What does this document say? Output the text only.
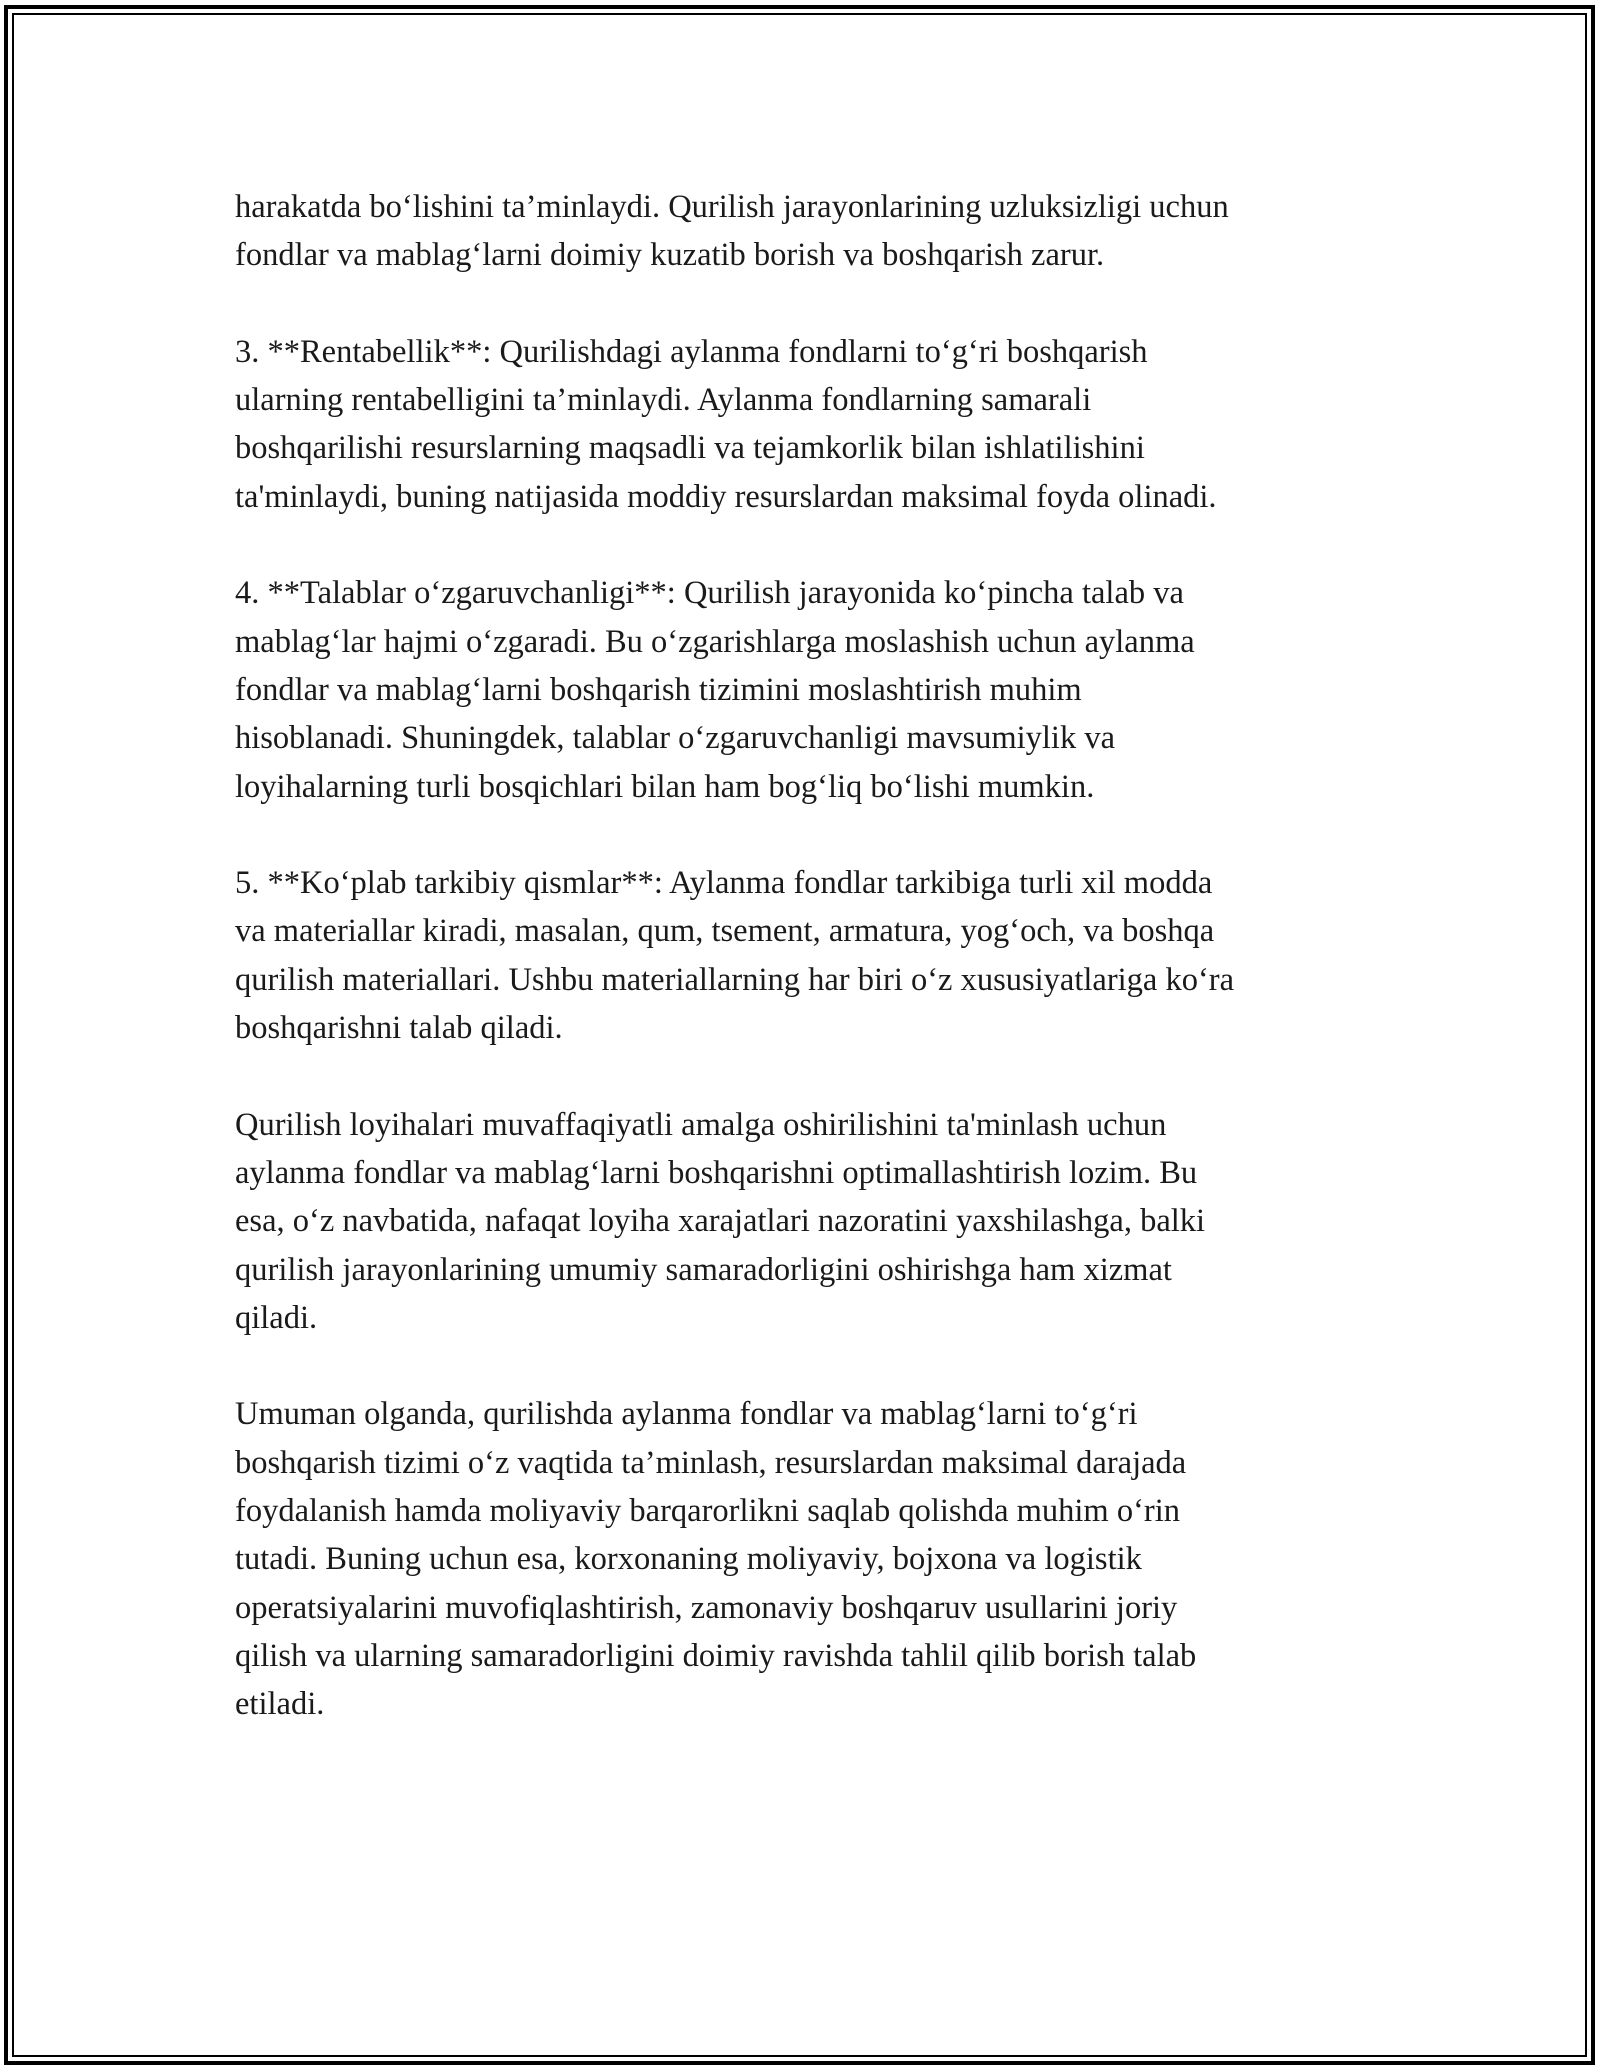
harakatda bo‘lishini ta’minlaydi. Qurilish jarayonlarining uzluksizligi uchun
fondlar va mablag‘larni doimiy kuzatib borish va boshqarish zarur.

3. **Rentabellik**: Qurilishdagi aylanma fondlarni to‘g‘ri boshqarish
ularning rentabelligini ta’minlaydi. Aylanma fondlarning samarali
boshqarilishi resurslarning maqsadli va tejamkorlik bilan ishlatilishini
ta'minlaydi, buning natijasida moddiy resurslardan maksimal foyda olinadi.

4. **Talablar o‘zgaruvchanligi**: Qurilish jarayonida ko‘pincha talab va
mablag‘lar hajmi o‘zgaradi. Bu o‘zgarishlarga moslashish uchun aylanma
fondlar va mablag‘larni boshqarish tizimini moslashtirish muhim
hisoblanadi. Shuningdek, talablar o‘zgaruvchanligi mavsumiylik va
loyihalarning turli bosqichlari bilan ham bog‘liq bo‘lishi mumkin.

5. **Ko‘plab tarkibiy qismlar**: Aylanma fondlar tarkibiga turli xil modda
va materiallar kiradi, masalan, qum, tsement, armatura, yog‘och, va boshqa
qurilish materiallari. Ushbu materiallarning har biri o‘z xususiyatlariga ko‘ra
boshqarishni talab qiladi.

Qurilish loyihalari muvaffaqiyatli amalga oshirilishini ta'minlash uchun
aylanma fondlar va mablag‘larni boshqarishni optimallashtirish lozim. Bu
esa, o‘z navbatida, nafaqat loyiha xarajatlari nazoratini yaxshilashga, balki
qurilish jarayonlarining umumiy samaradorligini oshirishga ham xizmat
qiladi.

Umuman olganda, qurilishda aylanma fondlar va mablag‘larni to‘g‘ri
boshqarish tizimi o‘z vaqtida ta’minlash, resurslardan maksimal darajada
foydalanish hamda moliyaviy barqarorlikni saqlab qolishda muhim o‘rin
tutadi. Buning uchun esa, korxonaning moliyaviy, bojxona va logistik
operatsiyalarini muvofiqlashtirish, zamonaviy boshqaruv usullarini joriy
qilish va ularning samaradorligini doimiy ravishda tahlil qilib borish talab
etiladi.
